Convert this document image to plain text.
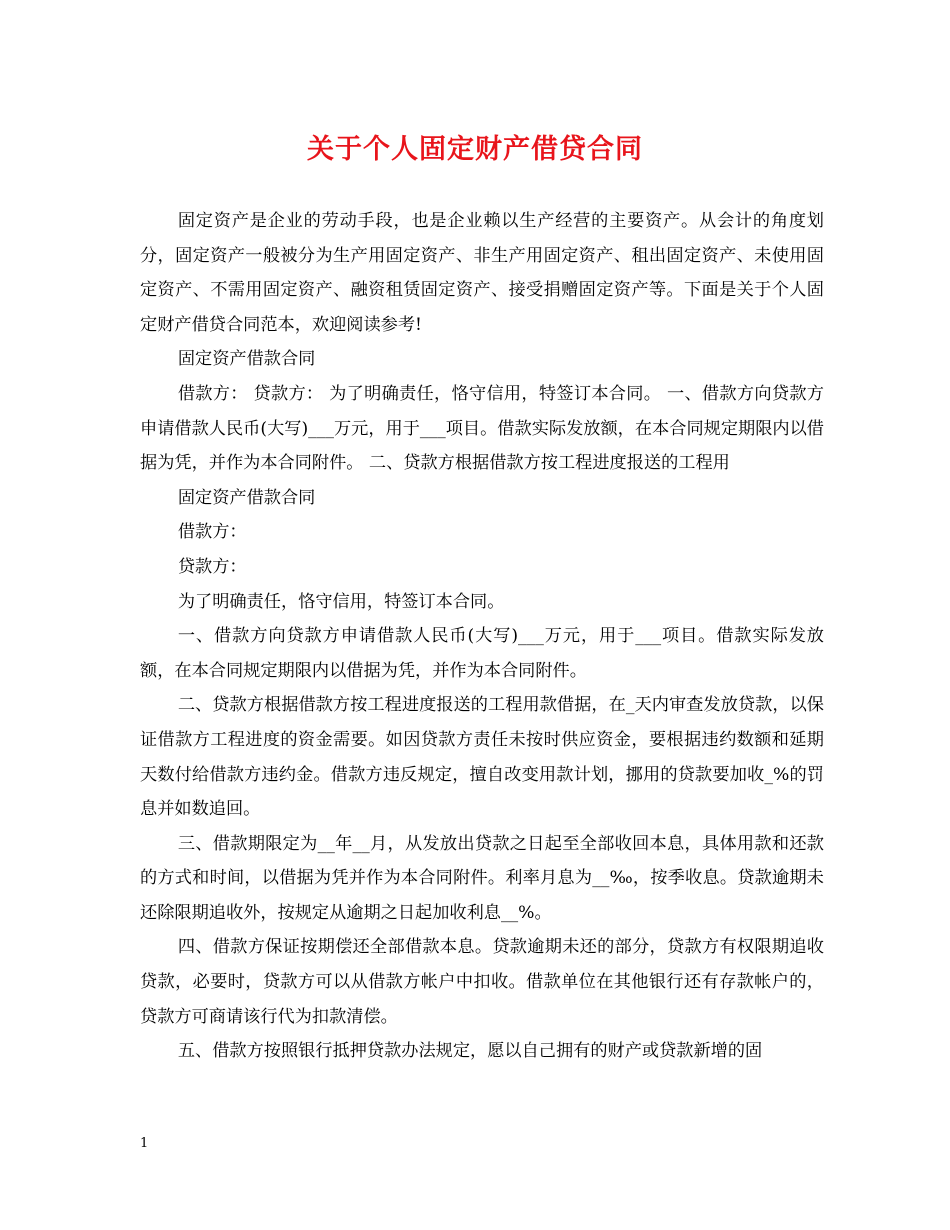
关于个人固定财产借贷合同

固定资产是企业的劳动手段，也是企业赖以生产经营的主要资产。从会计的角度划分，固定资产一般被分为生产用固定资产、非生产用固定资产、租出固定资产、未使用固定资产、不需用固定资产、融资租赁固定资产、接受捐赠固定资产等。下面是关于个人固定财产借贷合同范本，欢迎阅读参考!

固定资产借款合同

借款方： 贷款方： 为了明确责任，恪守信用，特签订本合同。 一、借款方向贷款方申请借款人民币(大写)___万元，用于___项目。借款实际发放额，在本合同规定期限内以借据为凭，并作为本合同附件。 二、贷款方根据借款方按工程进度报送的工程用

固定资产借款合同

借款方：

贷款方：

为了明确责任，恪守信用，特签订本合同。

一、借款方向贷款方申请借款人民币(大写)___万元，用于___项目。借款实际发放额，在本合同规定期限内以借据为凭，并作为本合同附件。

二、贷款方根据借款方按工程进度报送的工程用款借据，在_天内审查发放贷款，以保证借款方工程进度的资金需要。如因贷款方责任未按时供应资金，要根据违约数额和延期天数付给借款方违约金。借款方违反规定，擅自改变用款计划，挪用的贷款要加收_%的罚息并如数追回。

三、借款期限定为__年__月，从发放出贷款之日起至全部收回本息，具体用款和还款的方式和时间，以借据为凭并作为本合同附件。利率月息为__‰，按季收息。贷款逾期未还除限期追收外，按规定从逾期之日起加收利息__%。

四、借款方保证按期偿还全部借款本息。贷款逾期未还的部分，贷款方有权限期追收贷款，必要时，贷款方可以从借款方帐户中扣收。借款单位在其他银行还有存款帐户的，贷款方可商请该行代为扣款清偿。

五、借款方按照银行抵押贷款办法规定，愿以自己拥有的财产或贷款新增的固

1
